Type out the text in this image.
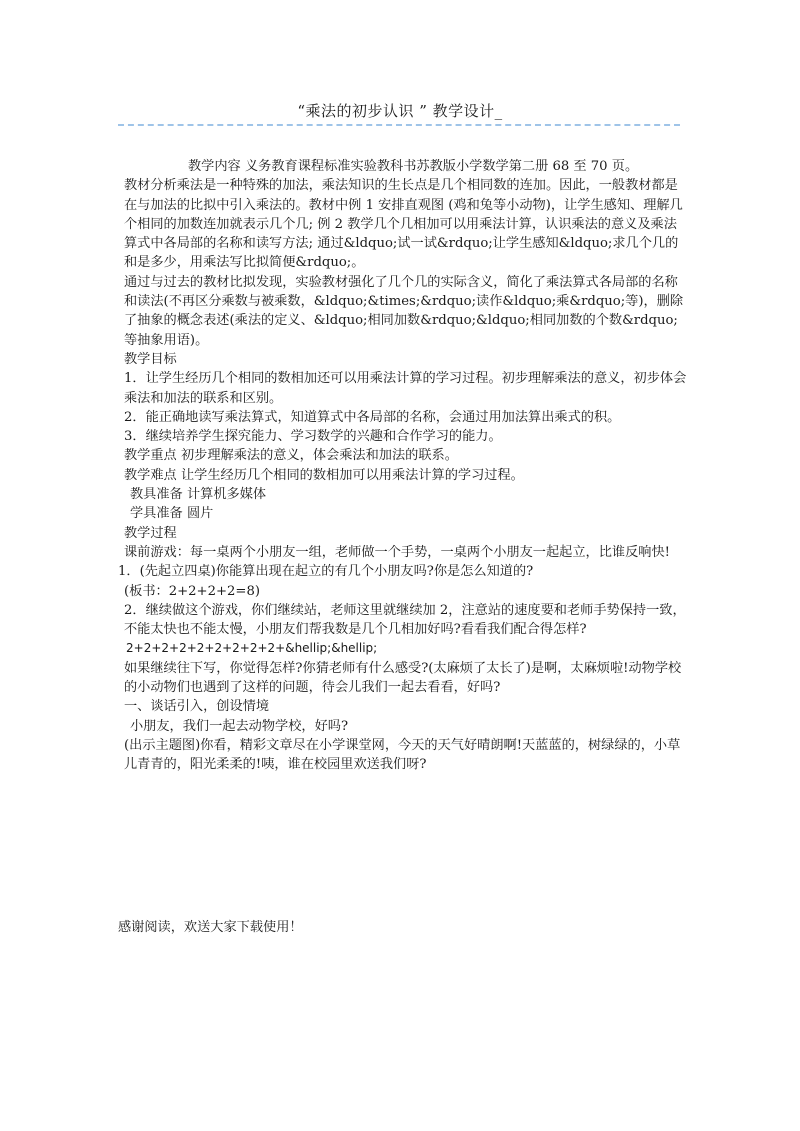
“乘法的初步认识 ” 教学设计_

教学内容 义务教育课程标准实验教科书苏教版小学数学第二册 68 至 70 页。

教材分析乘法是一种特殊的加法，乘法知识的生长点是几个相同数的连加。因此，一般教材都是在与加法的比拟中引入乘法的。教材中例 1 安排直观图 (鸡和兔等小动物)，让学生感知、理解几个相同的加数连加就表示几个几; 例 2 教学几个几相加可以用乘法计算，认识乘法的意义及乘法算式中各局部的名称和读写方法; 通过&ldquo;试一试&rdquo;让学生感知&ldquo;求几个几的和是多少，用乘法写比拟简便&rdquo;。

通过与过去的教材比拟发现，实验教材强化了几个几的实际含义，简化了乘法算式各局部的名称和读法(不再区分乘数与被乘数，&ldquo;&times;&rdquo;读作&ldquo;乘&rdquo;等)，删除了抽象的概念表述(乘法的定义、&ldquo;相同加数&rdquo;&ldquo;相同加数的个数&rdquo;等抽象用语)。

教学目标

1．让学生经历几个相同的数相加还可以用乘法计算的学习过程。初步理解乘法的意义，初步体会乘法和加法的联系和区别。

2．能正确地读写乘法算式，知道算式中各局部的名称，会通过用加法算出乘式的积。

3．继续培养学生探究能力、学习数学的兴趣和合作学习的能力。

教学重点 初步理解乘法的意义，体会乘法和加法的联系。

教学难点 让学生经历几个相同的数相加可以用乘法计算的学习过程。

教具准备 计算机多媒体

学具准备 圆片

教学过程

课前游戏：每一桌两个小朋友一组，老师做一个手势，一桌两个小朋友一起起立，比谁反响快!

1．(先起立四桌)你能算出现在起立的有几个小朋友吗?你是怎么知道的?

(板书：2+2+2+2=8)

2．继续做这个游戏，你们继续站，老师这里就继续加 2，注意站的速度要和老师手势保持一致，不能太快也不能太慢，小朋友们帮我数是几个几相加好吗?看看我们配合得怎样?

2+2+2+2+2+2+2+2+2+&hellip;&hellip;

如果继续往下写，你觉得怎样?你猜老师有什么感受?(太麻烦了太长了)是啊，太麻烦啦!动物学校的小动物们也遇到了这样的问题，待会儿我们一起去看看，好吗?

一、谈话引入，创设情境

小朋友，我们一起去动物学校，好吗?

(出示主题图)你看，精彩文章尽在小学课堂网，今天的天气好晴朗啊!天蓝蓝的，树绿绿的，小草儿青青的，阳光柔柔的!咦，谁在校园里欢送我们呀?

感谢阅读，欢送大家下载使用！
